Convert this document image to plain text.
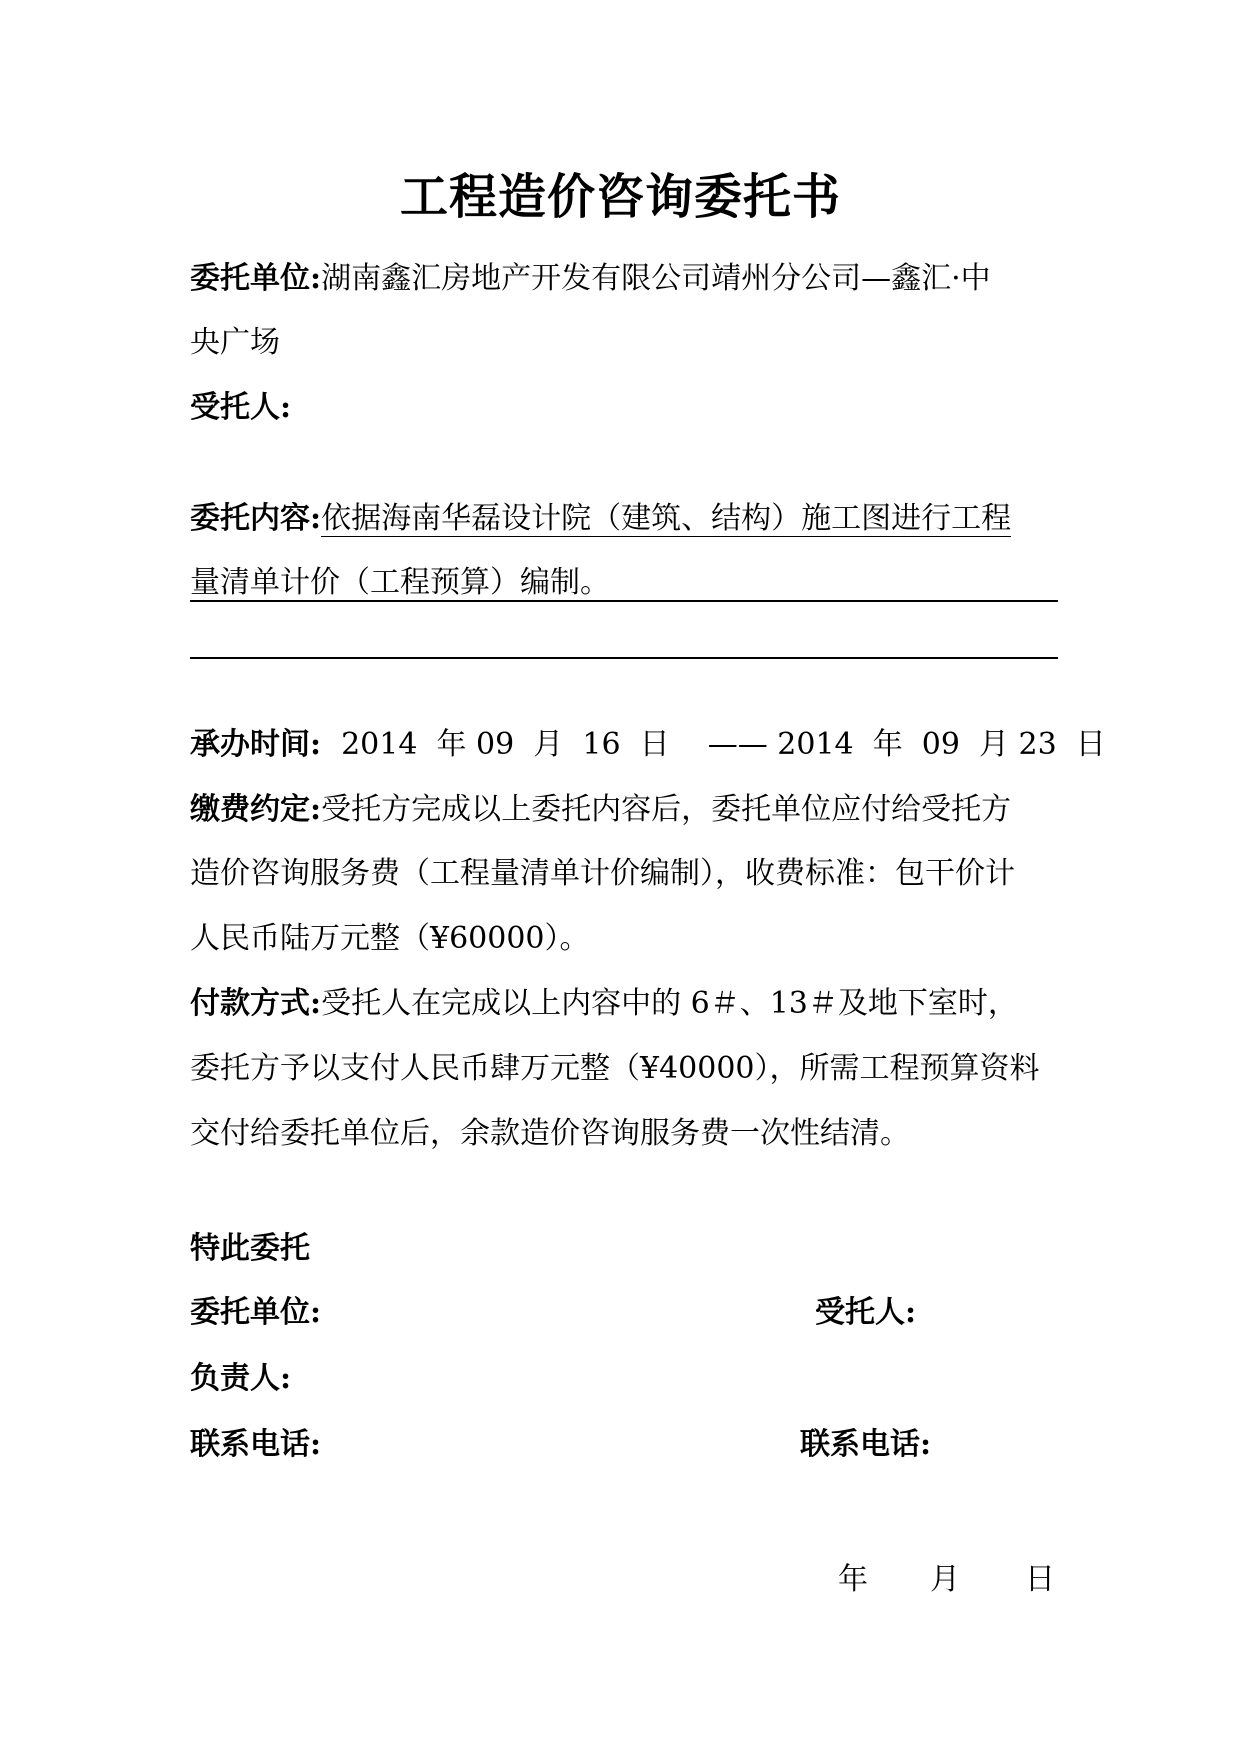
工程造价咨询委托书
委托单位:湖南鑫汇房地产开发有限公司靖州分公司—鑫汇·中
央广场
受托人:
委托内容:依据海南华磊设计院（建筑、结构）施工图进行工程
量清单计价（工程预算）编制。
承办时间: 2014  年 09  月  16  日    —— 2014  年  09  月 23  日
缴费约定:受托方完成以上委托内容后，委托单位应付给受托方
造价咨询服务费（工程量清单计价编制），收费标准：包干价计
人民币陆万元整（¥60000）。
付款方式:受托人在完成以上内容中的 6＃、13＃及地下室时，
委托方予以支付人民币肆万元整（¥40000），所需工程预算资料
交付给委托单位后，余款造价咨询服务费一次性结清。
特此委托
委托单位:	受托人:
负责人:
联系电话:	联系电话:
年 月 日
